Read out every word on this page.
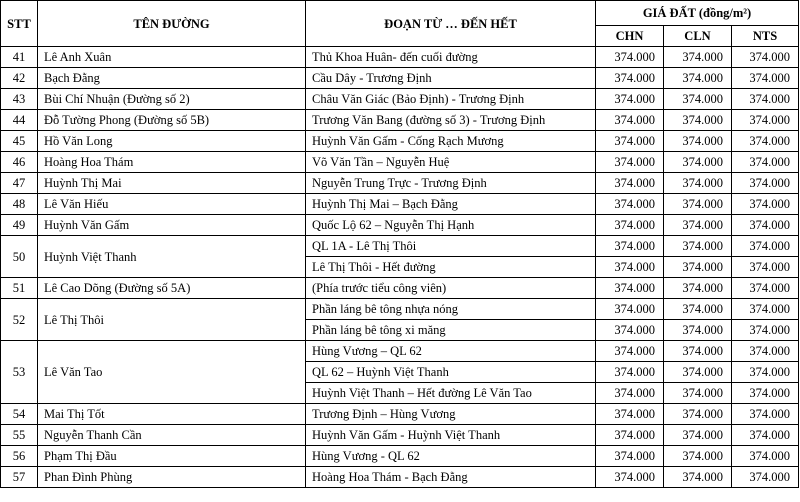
STT	TÊN ĐƯỜNG	ĐOẠN TỪ … ĐẾN HẾT	GIÁ ĐẤT (đồng/m²)		
			CHN	CLN	NTS
41	Lê Anh Xuân	Thủ Khoa Huân- đến cuối đường	374.000	374.000	374.000
42	Bạch Đằng	Cầu Dây - Trương Định	374.000	374.000	374.000
43	Bùi Chí Nhuận (Đường số 2)	Châu Văn Giác (Bảo Định) - Trương Định	374.000	374.000	374.000
44	Đỗ Tường Phong (Đường số 5B)	Trương Văn Bang (đường số 3) - Trương Định	374.000	374.000	374.000
45	Hồ Văn Long	Huỳnh Văn Gấm - Cống Rạch Mương	374.000	374.000	374.000
46	Hoàng Hoa Thám	Võ Văn Tần – Nguyễn Huệ	374.000	374.000	374.000
47	Huỳnh Thị Mai	Nguyễn Trung Trực - Trương Định	374.000	374.000	374.000
48	Lê Văn Hiếu	Huỳnh Thị Mai – Bạch Đằng	374.000	374.000	374.000
49	Huỳnh Văn Gấm	Quốc Lộ 62 – Nguyễn Thị Hạnh	374.000	374.000	374.000
50	Huỳnh Việt Thanh	QL 1A - Lê Thị Thôi	374.000	374.000	374.000
		Lê Thị Thôi - Hết đường	374.000	374.000	374.000
51	Lê Cao Dõng (Đường số 5A)	(Phía trước tiểu công viên)	374.000	374.000	374.000
52	Lê Thị Thôi	Phần láng bê tông nhựa nóng	374.000	374.000	374.000
		Phần láng bê tông xi măng	374.000	374.000	374.000
53	Lê Văn Tao	Hùng Vương – QL 62	374.000	374.000	374.000
		QL 62 – Huỳnh Việt Thanh	374.000	374.000	374.000
		Huỳnh Việt Thanh – Hết đường Lê Văn Tao	374.000	374.000	374.000
54	Mai Thị Tốt	Trương Định – Hùng Vương	374.000	374.000	374.000
55	Nguyễn Thanh Cần	Huỳnh Văn Gấm - Huỳnh Việt Thanh	374.000	374.000	374.000
56	Phạm Thị Đầu	Hùng Vương - QL 62	374.000	374.000	374.000
57	Phan Đình Phùng	Hoàng Hoa Thám - Bạch Đằng	374.000	374.000	374.000
